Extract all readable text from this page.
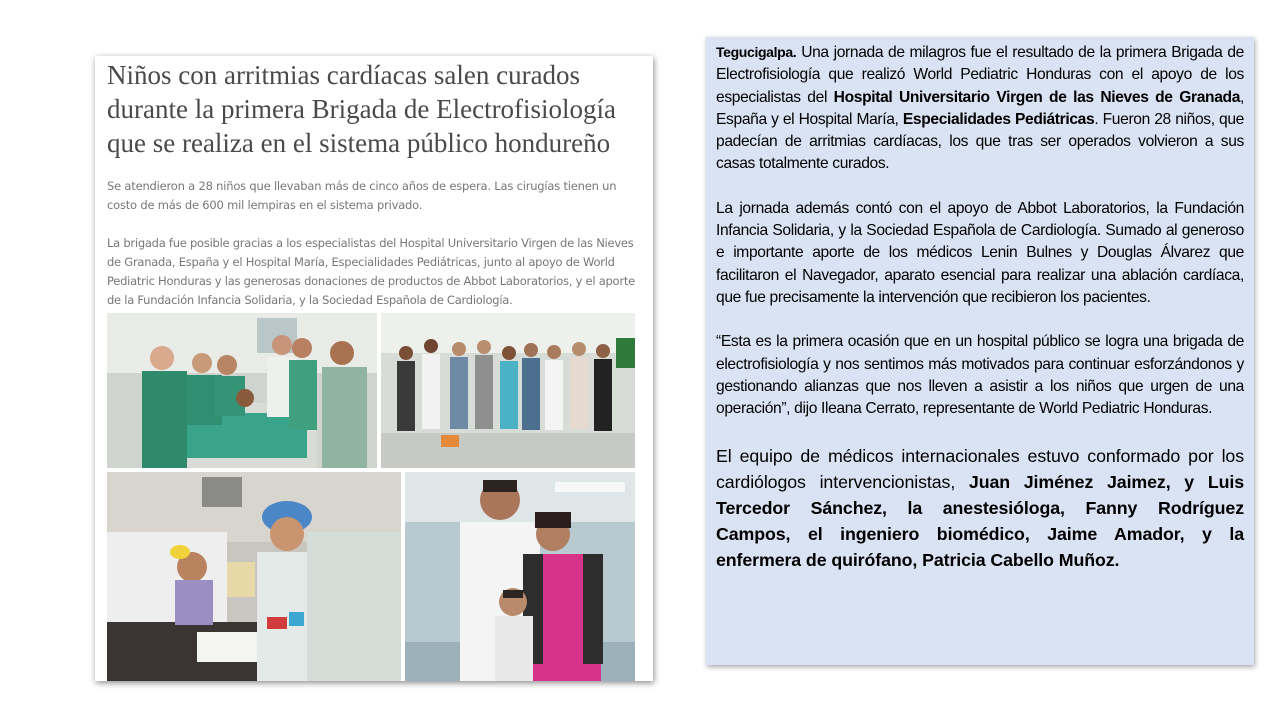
Niños con arritmias cardíacas salen curados durante la primera Brigada de Electrofisiología que se realiza en el sistema público hondureño
Se atendieron a 28 niños que llevaban más de cinco años de espera. Las cirugías tienen un costo de más de 600 mil lempiras en el sistema privado.
La brigada fue posible gracias a los especialistas del Hospital Universitario Virgen de las Nieves de Granada, España y el Hospital María, Especialidades Pediátricas, junto al apoyo de World Pediatric Honduras y las generosas donaciones de productos de Abbot Laboratorios, y el aporte de la Fundación Infancia Solidaria, y la Sociedad Española de Cardiología.

Tegucigalpa. Una jornada de milagros fue el resultado de la primera Brigada de Electrofisiología que realizó World Pediatric Honduras con el apoyo de los especialistas del Hospital Universitario Virgen de las Nieves de Granada, España y el Hospital María, Especialidades Pediátricas. Fueron 28 niños, que padecían de arritmias cardíacas, los que tras ser operados volvieron a sus casas totalmente curados.

La jornada además contó con el apoyo de Abbot Laboratorios, la Fundación Infancia Solidaria, y la Sociedad Española de Cardiología. Sumado al generoso e importante aporte de los médicos Lenin Bulnes y Douglas Álvarez que facilitaron el Navegador, aparato esencial para realizar una ablación cardíaca, que fue precisamente la intervención que recibieron los pacientes.

“Esta es la primera ocasión que en un hospital público se logra una brigada de electrofisiología y nos sentimos más motivados para continuar esforzándonos y gestionando alianzas que nos lleven a asistir a los niños que urgen de una operación”, dijo Ileana Cerrato, representante de World Pediatric Honduras.

El equipo de médicos internacionales estuvo conformado por los cardiólogos intervencionistas, Juan Jiménez Jaimez, y Luis Tercedor Sánchez, la anestesióloga, Fanny Rodríguez Campos, el ingeniero biomédico, Jaime Amador, y la enfermera de quirófano, Patricia Cabello Muñoz.
